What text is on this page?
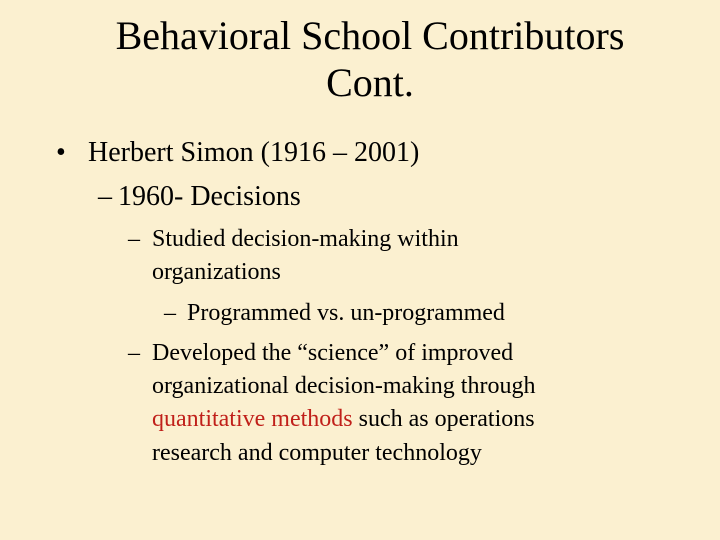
Behavioral School Contributors
Cont.
• Herbert Simon (1916 – 2001)
– 1960- Decisions
– Studied decision-making within
organizations
– Programmed vs. un-programmed
– Developed the “science” of improved
organizational decision-making through
quantitative methods such as operations
research and computer technology
